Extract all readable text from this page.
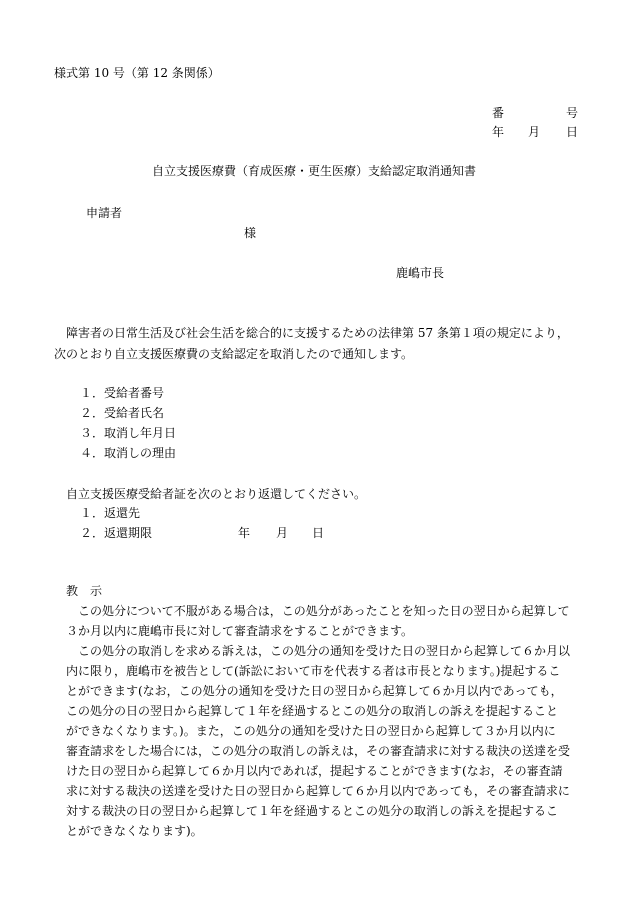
様式第 10 号（第 12 条関係）
番	号
年 月 日
自立支援医療費（育成医療・更生医療）支給認定取消通知書
申請者
様
鹿嶋市長
障害者の日常生活及び社会生活を総合的に支援するための法律第 57 条第１項の規定により，
次のとおり自立支援医療費の支給認定を取消したので通知します。
１．受給者番号
２．受給者氏名
３．取消し年月日
４．取消しの理由
自立支援医療受給者証を次のとおり返還してください。
１．返還先
２．返還期限	年 月 日
教　示
　この処分について不服がある場合は，この処分があったことを知った日の翌日から起算して
３か月以内に鹿嶋市長に対して審査請求をすることができます。
　この処分の取消しを求める訴えは，この処分の通知を受けた日の翌日から起算して６か月以
内に限り，鹿嶋市を被告として(訴訟において市を代表する者は市長となります。)提起するこ
とができます(なお，この処分の通知を受けた日の翌日から起算して６か月以内であっても，
この処分の日の翌日から起算して１年を経過するとこの処分の取消しの訴えを提起すること
ができなくなります。)。また，この処分の通知を受けた日の翌日から起算して３か月以内に
審査請求をした場合には，この処分の取消しの訴えは，その審査請求に対する裁決の送達を受
けた日の翌日から起算して６か月以内であれば，提起することができます(なお，その審査請
求に対する裁決の送達を受けた日の翌日から起算して６か月以内であっても，その審査請求に
対する裁決の日の翌日から起算して１年を経過するとこの処分の取消しの訴えを提起するこ
とができなくなります)。
